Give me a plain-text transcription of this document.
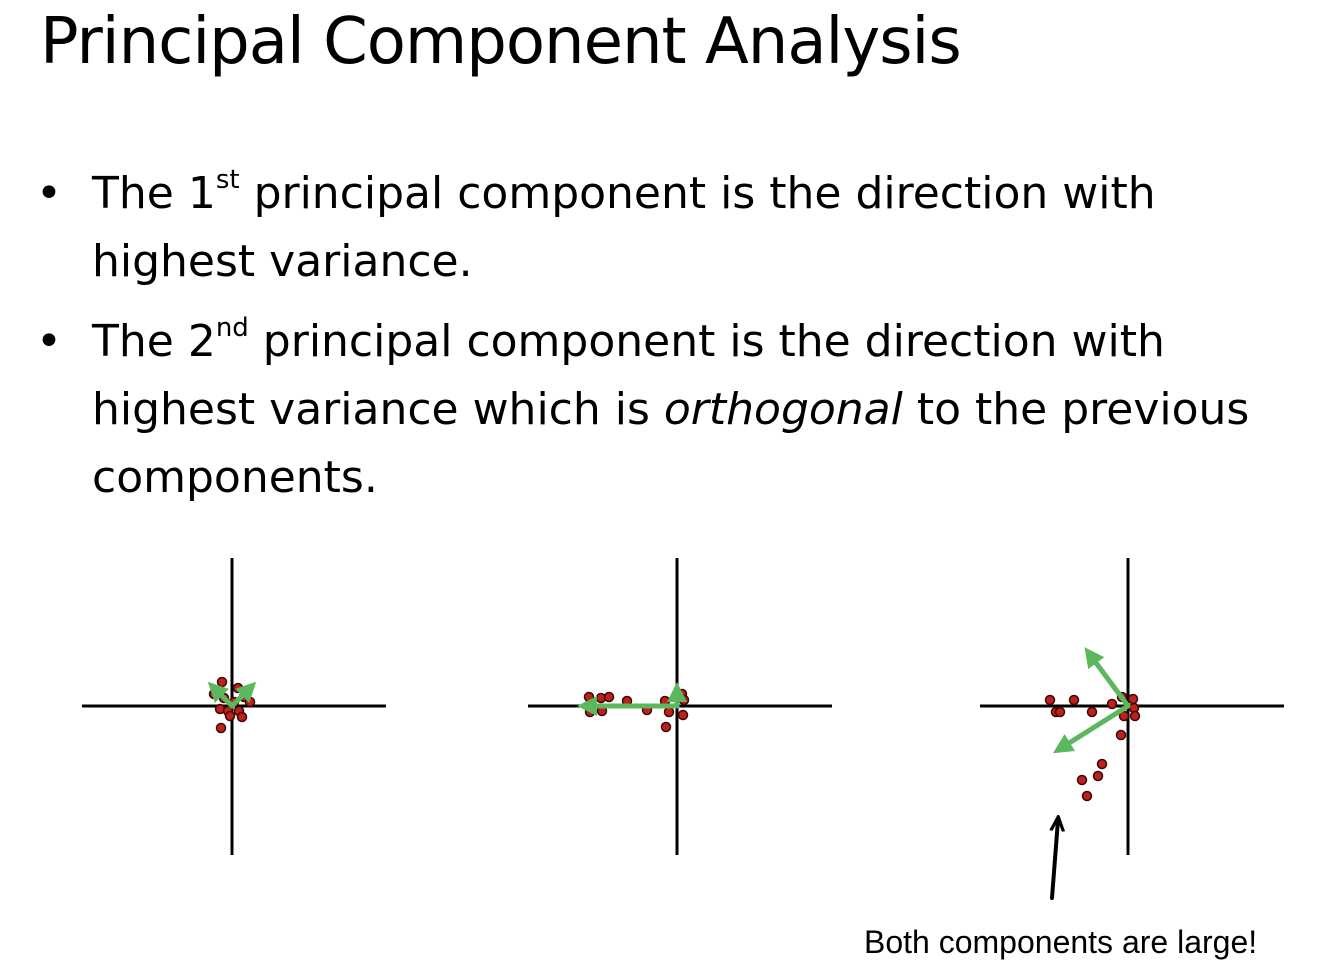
Principal Component Analysis
• The 1st principal component is the direction with highest variance.
• The 2nd principal component is the direction with highest variance which is orthogonal to the previous components.
Both components are large!
